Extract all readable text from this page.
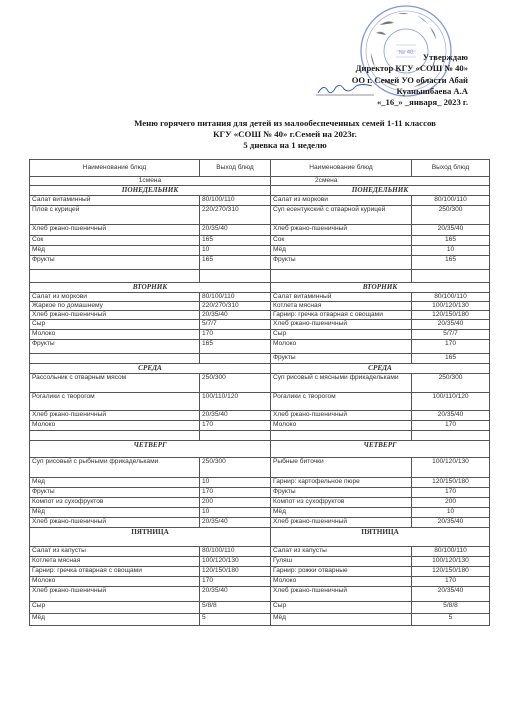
№ 40	Утверждаю
Директор КГУ «СОШ № 40»
ОО г. Семей УО области Абай
Куанышбаева А.А
«_16_» _января_ 2023 г.
Меню горячего питания для детей из малообеспеченных семей 1-11 классов
КГУ «СОШ № 40» г.Семей на 2023г.
5 дневка на 1 неделю
Наименование блюд	Выход блюд	Наименование блюд	Выход блюд
1смена		2смена	
ПОНЕДЕЛЬНИК		ПОНЕДЕЛЬНИК	
Салат витаминный	80/100/110	Салат из моркови	80/100/110
Плов с курицей	220/270/310	Суп есентукский с отварной курицей	250/300
Хлеб ржано-пшеничный	20/35/40	Хлеб ржано-пшеничный	20/35/40
Сок	165	Сок	165
Мёд	10	Мёд	10
Фрукты	165	Фрукты	165

ВТОРНИК		ВТОРНИК	
Салат из моркови	80/100/110	Салат витаминный	80/100/110
Жаркое по домашнему	220/270/310	Котлета мясная	100/120/130
Хлеб ржано-пшеничный	20/35/40	Гарнир: гречка отварная с овощами	120/150/180
Сыр	5/7/7	Хлеб ржано-пшеничный	20/35/40
Молоко	170	Сыр	5/7/7
Фрукты	165	Молоко	170
		Фрукты	165
СРЕДА		СРЕДА	
Рассольник с отварным мясом	250/300	Суп рисовый с мясными фрикадельками	250/300
Рогалики с творогом	100/110/120	Рогалики с творогом	100/110/120
Хлеб ржано-пшеничный	20/35/40	Хлеб ржано-пшеничный	20/35/40
Молоко	170	Молоко	170

ЧЕТВЕРГ		ЧЕТВЕРГ	
Суп рисовый с рыбными фрикадельками	250/300	Рыбные биточки	100/120/130
Мед	10	Гарнир: картофельное пюре	120/150/180
Фрукты	170	Фрукты	170
Компот из сухофруктов	200	Компот из сухофруктов	200
Мёд	10	Мёд	10
Хлеб ржано-пшеничный	20/35/40	Хлеб ржано-пшеничный	20/35/40
ПЯТНИЦА		ПЯТНИЦА	
Салат из капусты	80/100/110	Салат из капусты	80/100/110
Котлета мясная	100/120/130	Гуляш	100/120/130
Гарнир: гречка отварная с овощами	120/150/180	Гарнир: рожки отварные	120/150/180
Молоко	170	Молоко	170
Хлеб ржано-пшеничный	20/35/40	Хлеб ржано-пшеничный	20/35/40
Сыр	5/8/8	Сыр	5/8/8
Мёд	5	Мёд	5
